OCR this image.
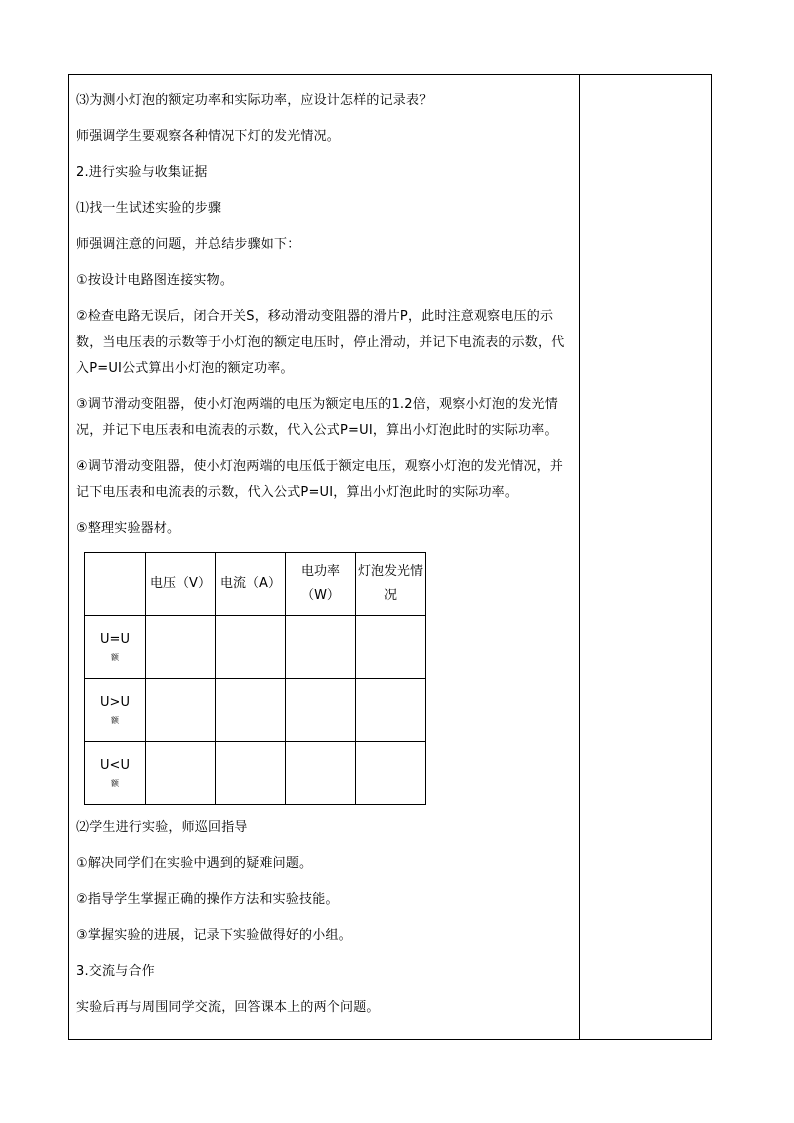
⑶为测小灯泡的额定功率和实际功率，应设计怎样的记录表？

师强调学生要观察各种情况下灯的发光情况。

2.进行实验与收集证据

⑴找一生试述实验的步骤

师强调注意的问题，并总结步骤如下：

①按设计电路图连接实物。

②检查电路无误后，闭合开关S，移动滑动变阻器的滑片P，此时注意观察电压的示数，当电压表的示数等于小灯泡的额定电压时，停止滑动，并记下电流表的示数，代入P=UI公式算出小灯泡的额定功率。

③调节滑动变阻器，使小灯泡两端的电压为额定电压的1.2倍，观察小灯泡的发光情况，并记下电压表和电流表的示数，代入公式P=UI，算出小灯泡此时的实际功率。

④调节滑动变阻器，使小灯泡两端的电压低于额定电压，观察小灯泡的发光情况，并记下电压表和电流表的示数，代入公式P=UI，算出小灯泡此时的实际功率。

⑤整理实验器材。

	电压（V）	电流（A）	电功率（W）	灯泡发光情况

U=U
额				

U>U
额				

U<U
额				

⑵学生进行实验，师巡回指导

①解决同学们在实验中遇到的疑难问题。

②指导学生掌握正确的操作方法和实验技能。

③掌握实验的进展，记录下实验做得好的小组。

3.交流与合作

实验后再与周围同学交流，回答课本上的两个问题。
